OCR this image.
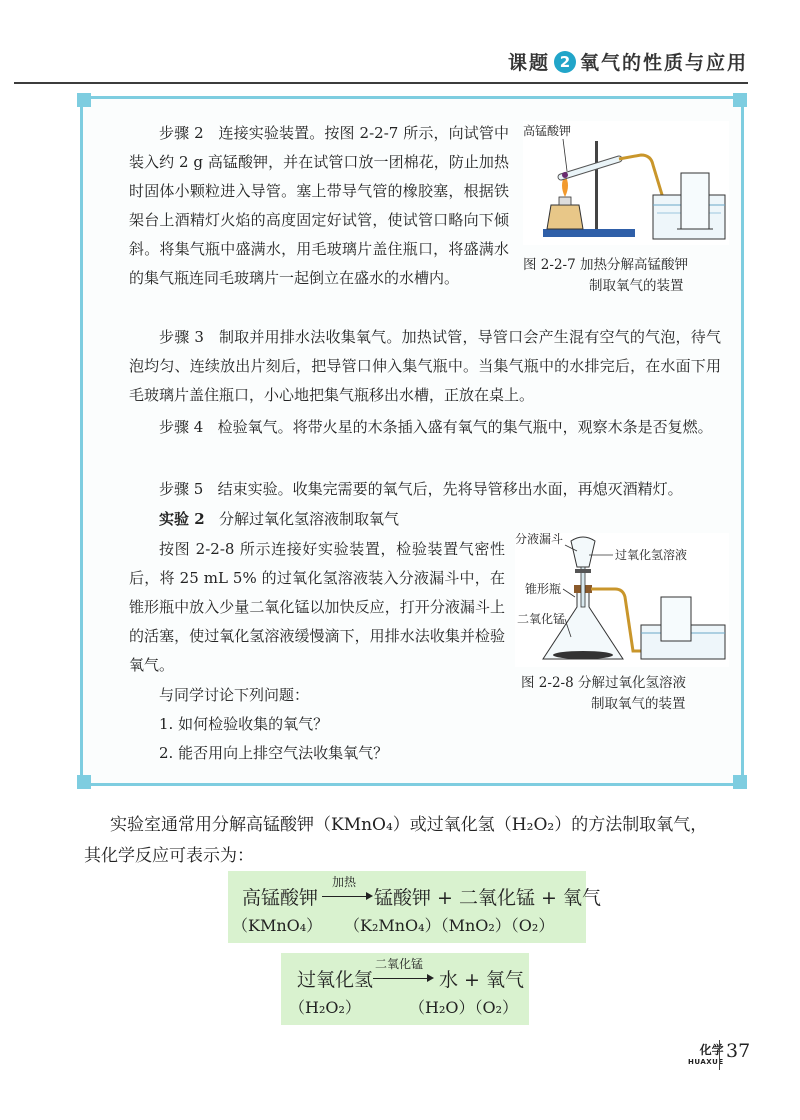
课题 2 氧气的性质与应用
步骤 2 连接实验装置。按图 2-2-7 所示，向试管中装入约 2 g 高锰酸钾，并在试管口放一团棉花，防止加热时固体小颗粒进入导管。塞上带导气管的橡胶塞，根据铁架台上酒精灯火焰的高度固定好试管，使试管口略向下倾斜。将集气瓶中盛满水，用毛玻璃片盖住瓶口，将盛满水的集气瓶连同毛玻璃片一起倒立在盛水的水槽内。
高锰酸钾
图 2-2-7 加热分解高锰酸钾
制取氧气的装置
步骤 3 制取并用排水法收集氧气。加热试管，导管口会产生混有空气的气泡，待气泡均匀、连续放出片刻后，把导管口伸入集气瓶中。当集气瓶中的水排完后，在水面下用毛玻璃片盖住瓶口，小心地把集气瓶移出水槽，正放在桌上。
步骤 4 检验氧气。将带火星的木条插入盛有氧气的集气瓶中，观察木条是否复燃。
步骤 5 结束实验。收集完需要的氧气后，先将导管移出水面，再熄灭酒精灯。
实验 2 分解过氧化氢溶液制取氧气
按图 2-2-8 所示连接好实验装置，检验装置气密性后，将 25 mL 5% 的过氧化氢溶液装入分液漏斗中，在锥形瓶中放入少量二氧化锰以加快反应，打开分液漏斗上的活塞，使过氧化氢溶液缓慢滴下，用排水法收集并检验氧气。
与同学讨论下列问题：
1. 如何检验收集的氧气？
2. 能否用向上排空气法收集氧气？
分液漏斗
过氧化氢溶液
锥形瓶
二氧化锰
图 2-2-8 分解过氧化氢溶液
制取氧气的装置
实验室通常用分解高锰酸钾（KMnO₄）或过氧化氢（H₂O₂）的方法制取氧气，
其化学反应可表示为：
高锰酸钾
加热
锰酸钾 + 二氧化锰 + 氧气
（KMnO₄） （K₂MnO₄）（MnO₂）（O₂）
过氧化氢
二氧化锰
水 + 氧气
（H₂O₂）	（H₂O）（O₂）
化学
HUAXUE 37
